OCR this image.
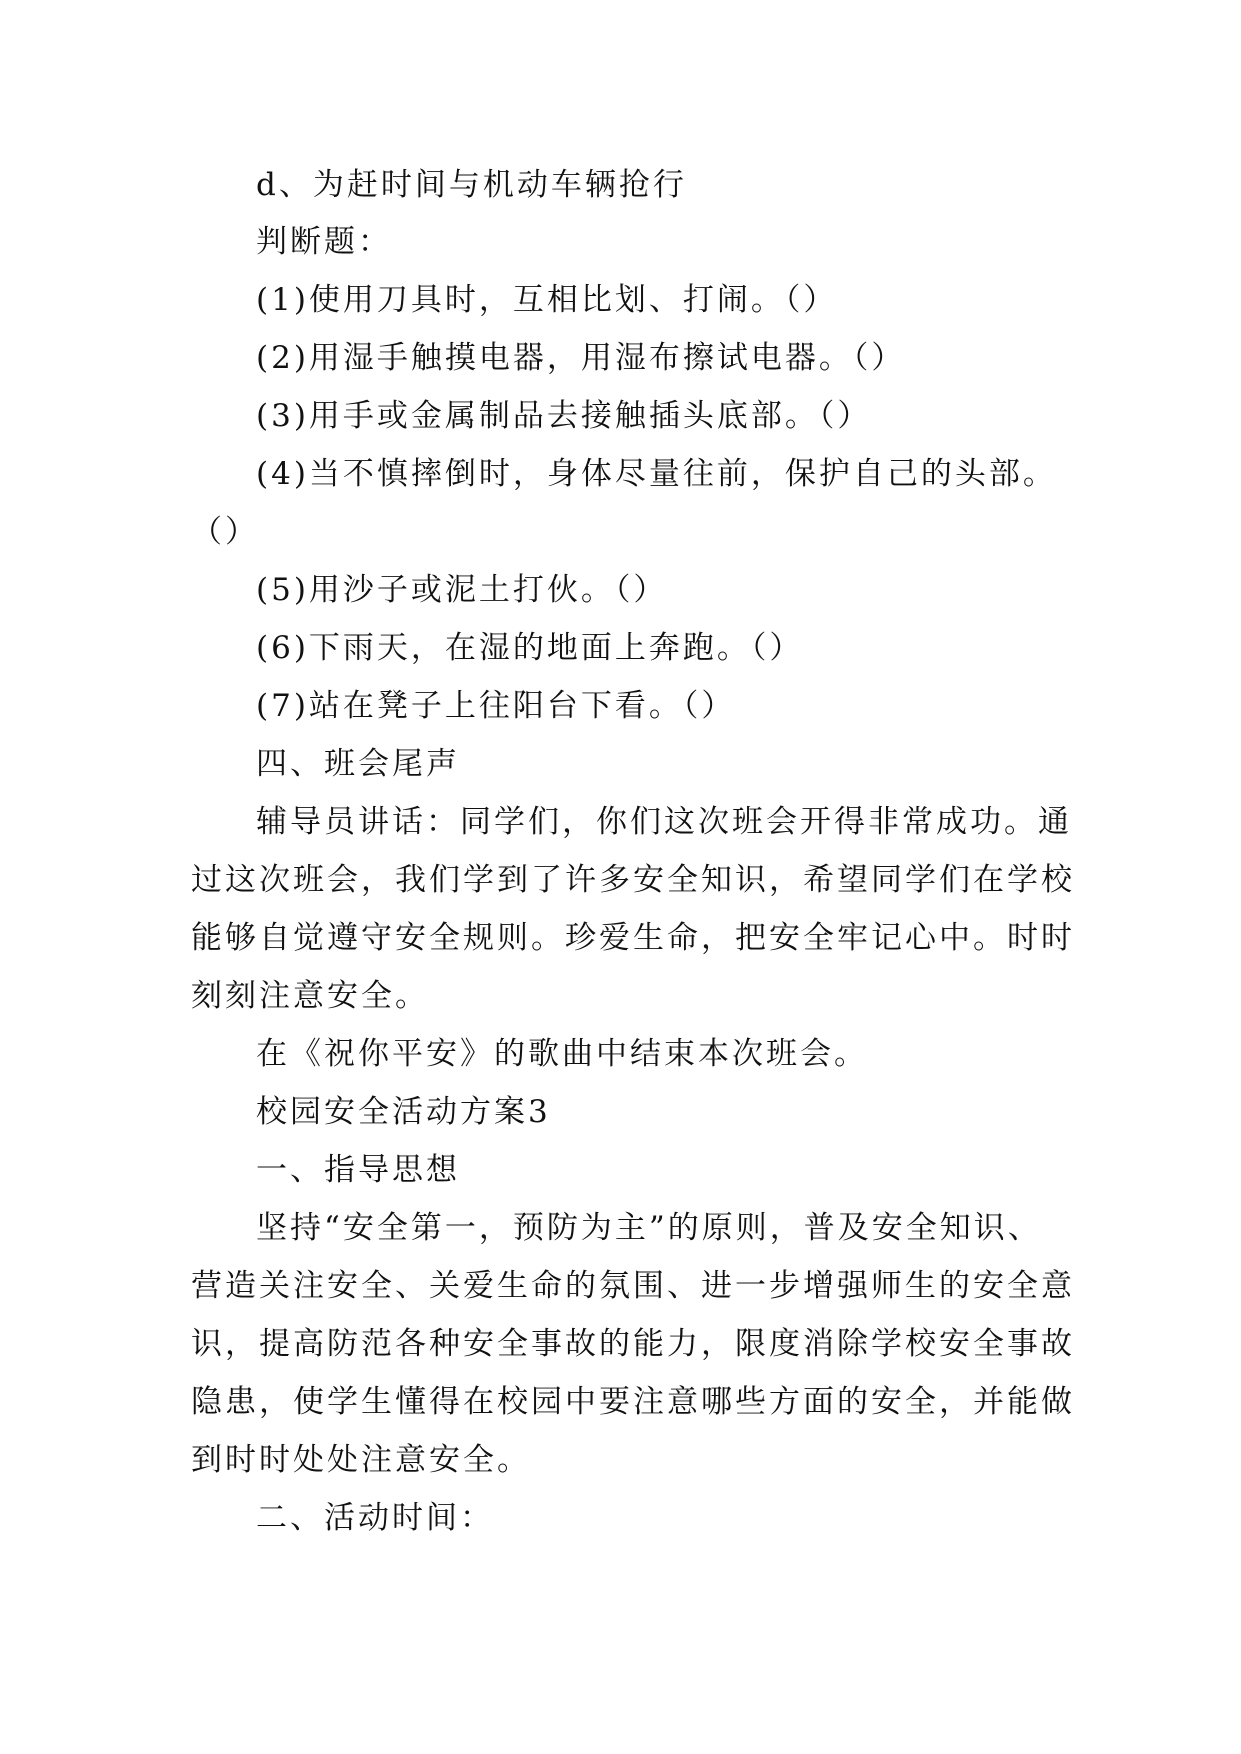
d、为赶时间与机动车辆抢行
判断题：
(1)使用刀具时，互相比划、打闹。（）
(2)用湿手触摸电器，用湿布擦试电器。（）
(3)用手或金属制品去接触插头底部。（）
(4)当不慎摔倒时，身体尽量往前，保护自己的头部。
（）
(5)用沙子或泥土打伙。（）
(6)下雨天，在湿的地面上奔跑。（）
(7)站在凳子上往阳台下看。（）
四、班会尾声
辅导员讲话：同学们，你们这次班会开得非常成功。通
过这次班会，我们学到了许多安全知识，希望同学们在学校
能够自觉遵守安全规则。珍爱生命，把安全牢记心中。时时
刻刻注意安全。
在《祝你平安》的歌曲中结束本次班会。
校园安全活动方案3
一、指导思想
坚持“安全第一，预防为主”的原则，普及安全知识、
营造关注安全、关爱生命的氛围、进一步增强师生的安全意
识，提高防范各种安全事故的能力，限度消除学校安全事故
隐患，使学生懂得在校园中要注意哪些方面的安全，并能做
到时时处处注意安全。
二、活动时间：
